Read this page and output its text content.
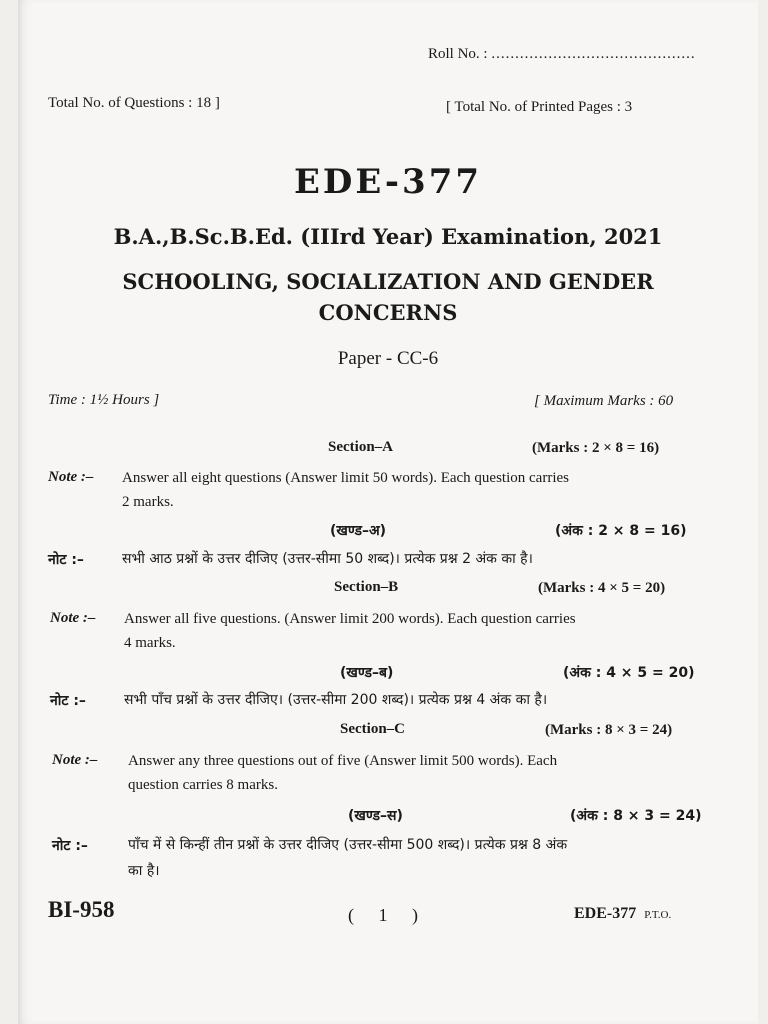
Roll No. : ...........................................
Total No. of Questions : 18 ]	[ Total No. of Printed Pages : 3
EDE-377
B.A.,B.Sc.B.Ed. (IIIrd Year) Examination, 2021
SCHOOLING, SOCIALIZATION AND GENDER
CONCERNS
Paper - CC-6
Time : 1½ Hours ]	[ Maximum Marks : 60
Section–A	(Marks : 2 × 8 = 16)
Note :– Answer all eight questions (Answer limit 50 words). Each question carries
2 marks.
(खण्ड–अ)	(अंक : 2 × 8 = 16)
नोट :–	सभी आठ प्रश्नों के उत्तर दीजिए (उत्तर-सीमा 50 शब्द)। प्रत्येक प्रश्न 2 अंक का है।
Section–B	(Marks : 4 × 5 = 20)
Note :– Answer all five questions. (Answer limit 200 words). Each question carries
4 marks.
(खण्ड–ब)	(अंक : 4 × 5 = 20)
नोट :–	सभी पाँच प्रश्नों के उत्तर दीजिए। (उत्तर-सीमा 200 शब्द)। प्रत्येक प्रश्न 4 अंक का है।
Section–C	(Marks : 8 × 3 = 24)
Note :– Answer any three questions out of five (Answer limit 500 words). Each
question carries 8 marks.
(खण्ड–स)	(अंक : 8 × 3 = 24)
नोट :–	पाँच में से किन्हीं तीन प्रश्नों के उत्तर दीजिए (उत्तर-सीमा 500 शब्द)। प्रत्येक प्रश्न 8 अंक
का है।
BI-958	( 1 )	EDE-377 P.T.O.
